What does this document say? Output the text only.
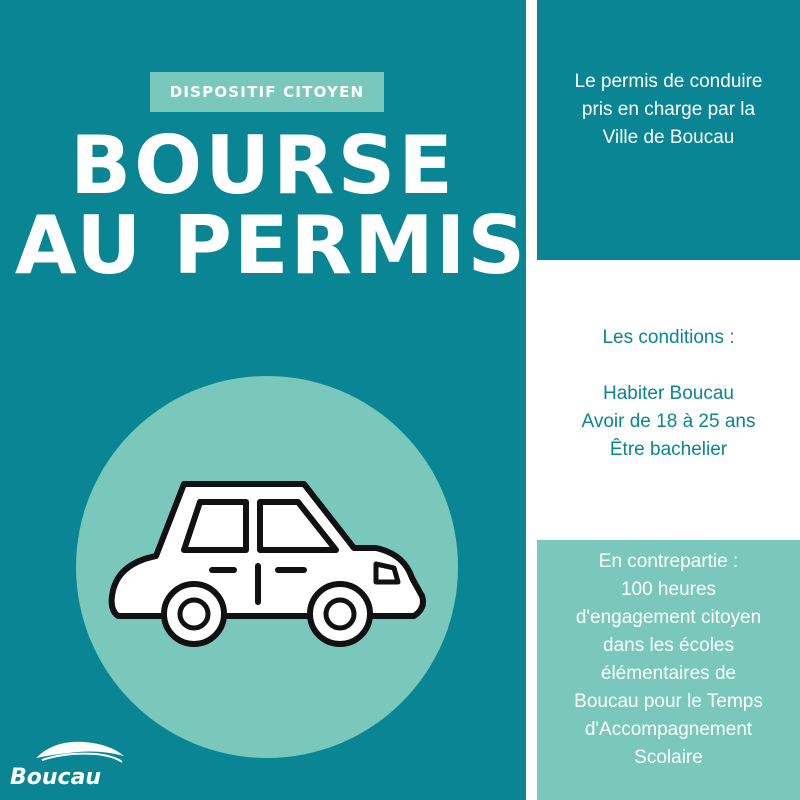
DISPOSITIF CITOYEN
BOURSE
AU PERMIS
Boucau
Le permis de conduire
pris en charge par la
Ville de Boucau
Les conditions :
Habiter Boucau
Avoir de 18 à 25 ans
Être bachelier
En contrepartie :
100 heures
d'engagement citoyen
dans les écoles
élémentaires de
Boucau pour le Temps
d'Accompagnement
Scolaire
